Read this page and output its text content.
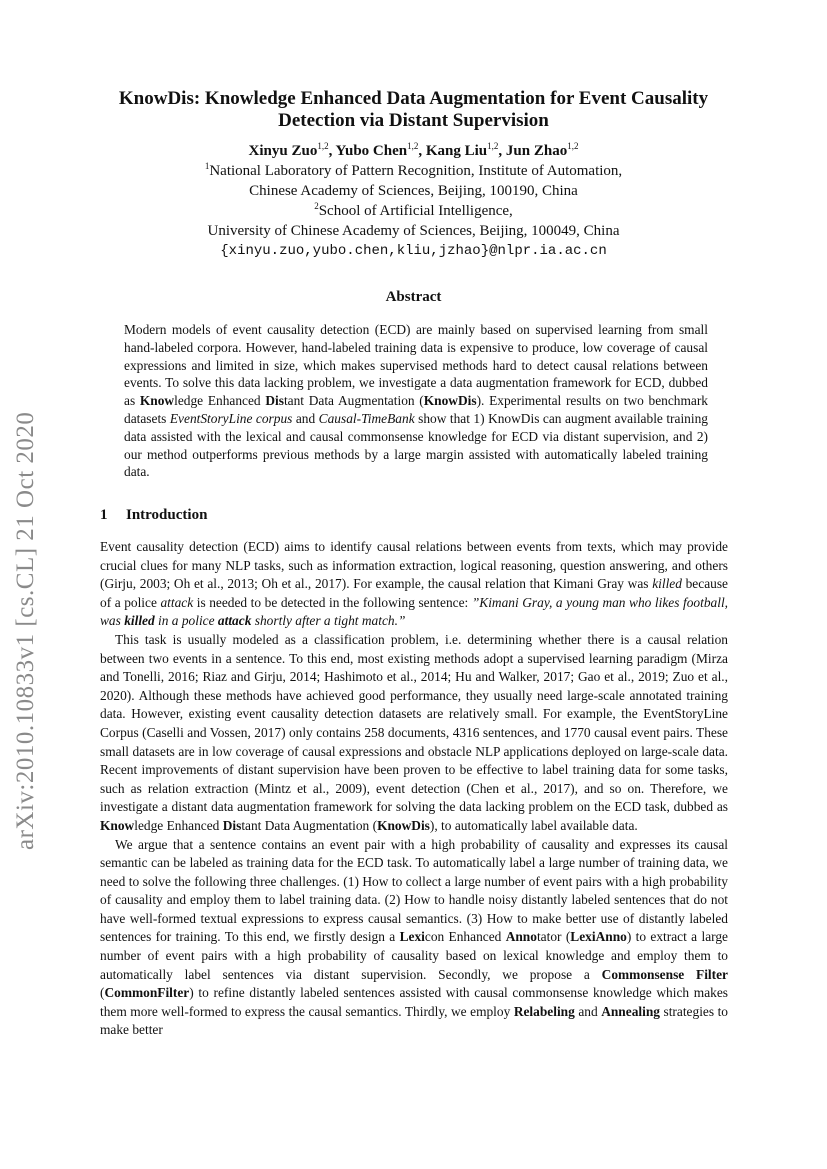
arXiv:2010.10833v1 [cs.CL] 21 Oct 2020
KnowDis: Knowledge Enhanced Data Augmentation for Event Causality
Detection via Distant Supervision
Xinyu Zuo$^{1,2}$, Yubo Chen$^{1,2}$, Kang Liu$^{1,2}$, Jun Zhao$^{1,2}$
$^1$National Laboratory of Pattern Recognition, Institute of Automation,
Chinese Academy of Sciences, Beijing, 100190, China
$^2$School of Artificial Intelligence,
University of Chinese Academy of Sciences, Beijing, 100049, China
{xinyu.zuo,yubo.chen,kliu,jzhao}@nlpr.ia.ac.cn
Abstract
Modern models of event causality detection (ECD) are mainly based on supervised learning from small hand-labeled corpora. However, hand-labeled training data is expensive to produce, low coverage of causal expressions and limited in size, which makes supervised methods hard to detect causal relations between events. To solve this data lacking problem, we investigate a data augmentation framework for ECD, dubbed as Knowledge Enhanced Distant Data Augmentation (KnowDis). Experimental results on two benchmark datasets EventStoryLine corpus and Causal-TimeBank show that 1) KnowDis can augment available training data assisted with the lexical and causal commonsense knowledge for ECD via distant supervision, and 2) our method outperforms previous methods by a large margin assisted with automatically labeled training data.
1 Introduction

Event causality detection (ECD) aims to identify causal relations between events from texts, which may provide crucial clues for many NLP tasks, such as information extraction, logical reasoning, question answering, and others (Girju, 2003; Oh et al., 2013; Oh et al., 2017). For example, the causal relation that Kimani Gray was killed because of a police attack is needed to be detected in the following sentence: ”Kimani Gray, a young man who likes football, was killed in a police attack shortly after a tight match.”

This task is usually modeled as a classification problem, i.e. determining whether there is a causal relation between two events in a sentence. To this end, most existing methods adopt a supervised learning paradigm (Mirza and Tonelli, 2016; Riaz and Girju, 2014; Hashimoto et al., 2014; Hu and Walker, 2017; Gao et al., 2019; Zuo et al., 2020). Although these methods have achieved good performance, they usually need large-scale annotated training data. However, existing event causality detection datasets are relatively small. For example, the EventStoryLine Corpus (Caselli and Vossen, 2017) only contains 258 documents, 4316 sentences, and 1770 causal event pairs. These small datasets are in low coverage of causal expressions and obstacle NLP applications deployed on large-scale data. Recent improvements of distant supervision have been proven to be effective to label training data for some tasks, such as relation extraction (Mintz et al., 2009), event detection (Chen et al., 2017), and so on. Therefore, we investigate a distant data augmentation framework for solving the data lacking problem on the ECD task, dubbed as Knowledge Enhanced Distant Data Augmentation (KnowDis), to automatically label available data.

We argue that a sentence contains an event pair with a high probability of causality and expresses its causal semantic can be labeled as training data for the ECD task. To automatically label a large number of training data, we need to solve the following three challenges. (1) How to collect a large number of event pairs with a high probability of causality and employ them to label training data. (2) How to handle noisy distantly labeled sentences that do not have well-formed textual expressions to express causal semantics. (3) How to make better use of distantly labeled sentences for training. To this end, we firstly design a Lexicon Enhanced Annotator (LexiAnno) to extract a large number of event pairs with a high probability of causality based on lexical knowledge and employ them to automatically label sentences via distant supervision. Secondly, we propose a Commonsense Filter (CommonFilter) to refine distantly labeled sentences assisted with causal commonsense knowledge which makes them more well-formed to express the causal semantics. Thirdly, we employ Relabeling and Annealing strategies to make better
